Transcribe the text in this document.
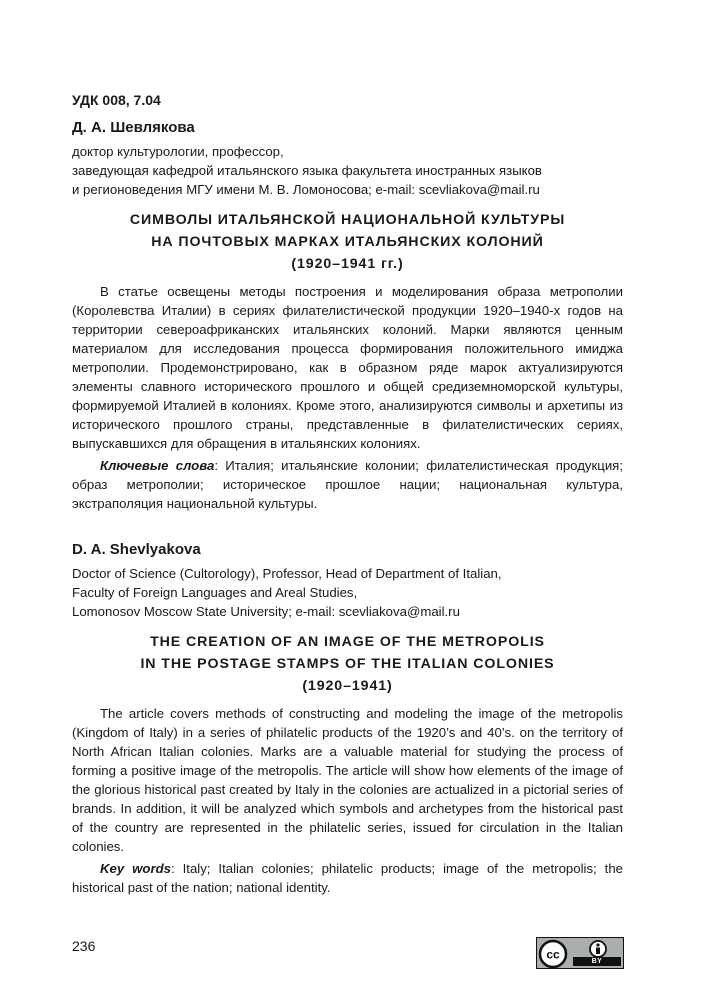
УДК 008, 7.04
Д. А. Шевлякова
доктор культурологии, профессор,
заведующая кафедрой итальянского языка факультета иностранных языков
и регионоведения МГУ имени М. В. Ломоносова; e-mail: scevliakova@mail.ru
СИМВОЛЫ ИТАЛЬЯНСКОЙ НАЦИОНАЛЬНОЙ КУЛЬТУРЫ
НА ПОЧТОВЫХ МАРКАХ ИТАЛЬЯНСКИХ КОЛОНИЙ
(1920–1941 гг.)

В статье освещены методы построения и моделирования образа метрополии (Королевства Италии) в сериях филателистической продукции 1920–1940-х годов на территории североафриканских итальянских колоний. Марки являются ценным материалом для исследования процесса формирования положительного имиджа метрополии. Продемонстрировано, как в образном ряде марок актуализируются элементы славного исторического прошлого и общей средиземноморской культуры, формируемой Италией в колониях. Кроме этого, анализируются символы и архетипы из исторического прошлого страны, представленные в филателистических сериях, выпускавшихся для обращения в итальянских колониях.

Ключевые слова: Италия; итальянские колонии; филателистическая продукция; образ метрополии; историческое прошлое нации; национальная культура, экстраполяция национальной культуры.

D. A. Shevlyakova
Doctor of Science (Cultorology), Professor, Head of Department of Italian,
Faculty of Foreign Languages and Areal Studies,
Lomonosov Moscow State University; e-mail: scevliakova@mail.ru
THE CREATION OF AN IMAGE OF THE METROPOLIS
IN THE POSTAGE STAMPS OF THE ITALIAN COLONIES
(1920–1941)

The article covers methods of constructing and modeling the image of the metropolis (Kingdom of Italy) in a series of philatelic products of the 1920’s and 40’s. on the territory of North African Italian colonies. Marks are a valuable material for studying the process of forming a positive image of the metropolis. The article will show how elements of the image of the glorious historical past created by Italy in the colonies are actualized in a pictorial series of brands. In addition, it will be analyzed which symbols and archetypes from the historical past of the country are represented in the philatelic series, issued for circulation in the Italian colonies.

Key words: Italy; Italian colonies; philatelic products; image of the metropolis; the historical past of the nation; national identity.

236
cc	BY
